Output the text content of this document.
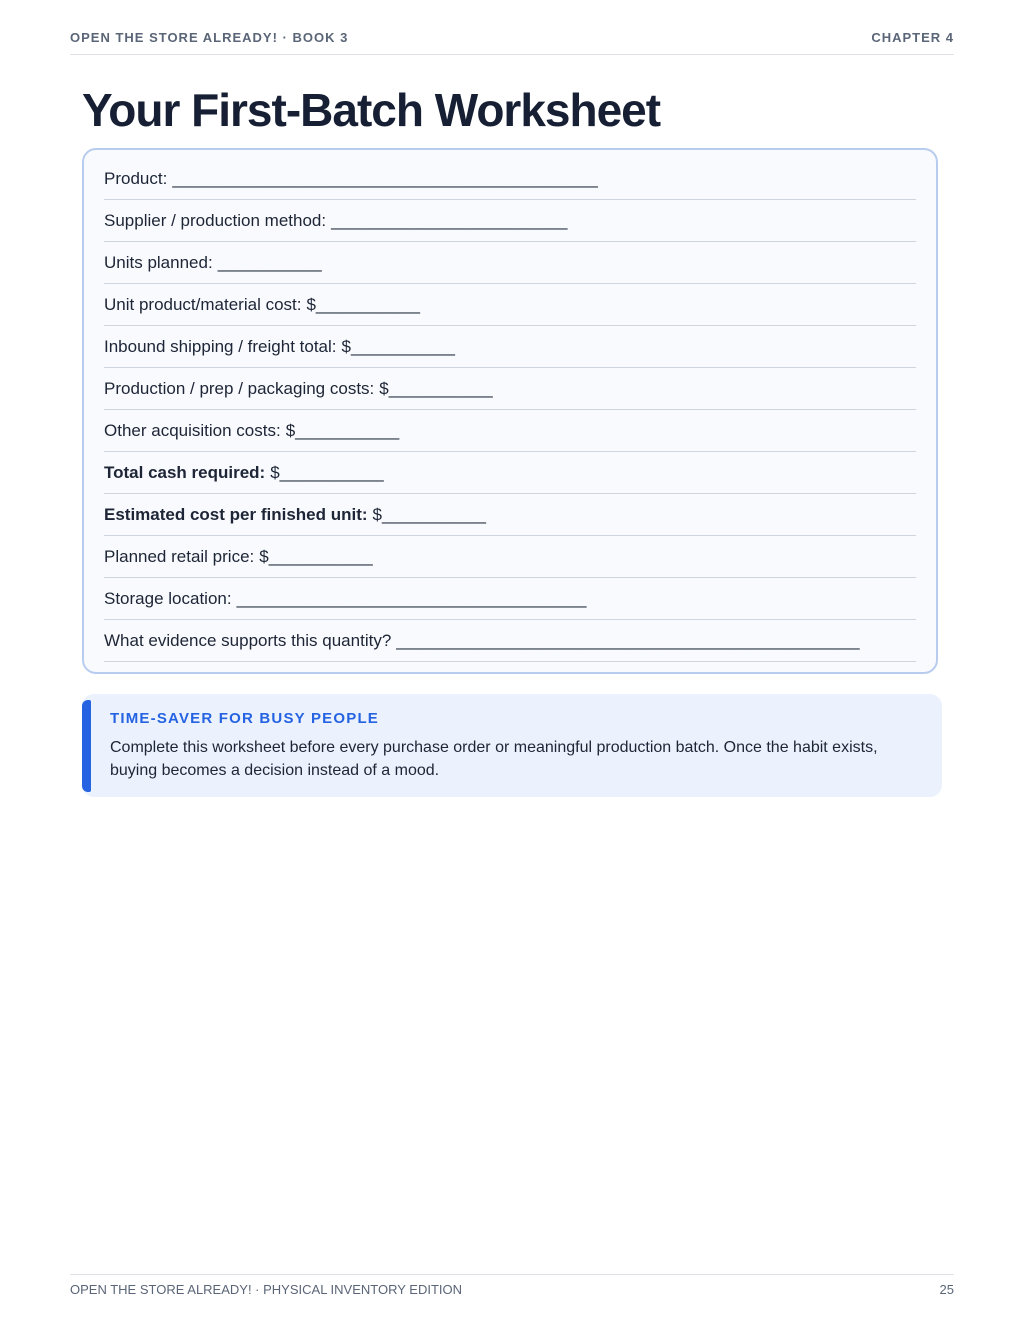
OPEN THE STORE ALREADY! · BOOK 3	CHAPTER 4
Your First-Batch Worksheet
Product: _____________________________________________
Supplier / production method: _________________________
Units planned: ___________
Unit product/material cost: $___________
Inbound shipping / freight total: $___________
Production / prep / packaging costs: $___________
Other acquisition costs: $___________
Total cash required: $___________
Estimated cost per finished unit: $___________
Planned retail price: $___________
Storage location: _____________________________________
What evidence supports this quantity? _________________________________________________
TIME-SAVER FOR BUSY PEOPLE
Complete this worksheet before every purchase order or meaningful production batch. Once the habit exists, buying becomes a decision instead of a mood.
OPEN THE STORE ALREADY! · PHYSICAL INVENTORY EDITION	25
